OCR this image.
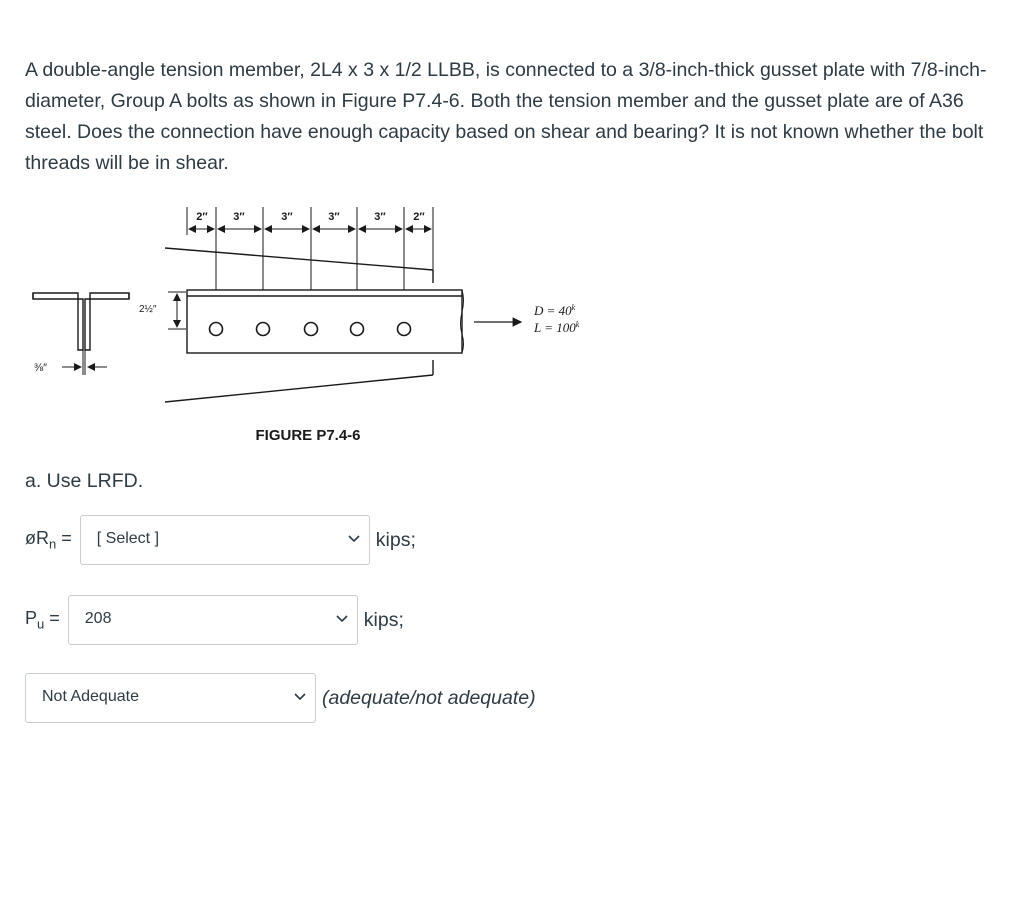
A double-angle tension member, 2L4 x 3 x 1/2 LLBB, is connected to a 3/8-inch-thick gusset plate with 7/8-inch-diameter, Group A bolts as shown in Figure P7.4-6. Both the tension member and the gusset plate are of A36 steel. Does the connection have enough capacity based on shear and bearing? It is not known whether the bolt threads will be in shear.

2″ 3″	3″	3″	3″	2″
2½″
⅜″
$D = 40^k$
$L = 100^k$
FIGURE P7.4-6

a. Use LRFD.

$øR_n$ = [ Select ]	kips;
$P_u = 208$	kips;
Not Adequate	(adequate/not adequate)
